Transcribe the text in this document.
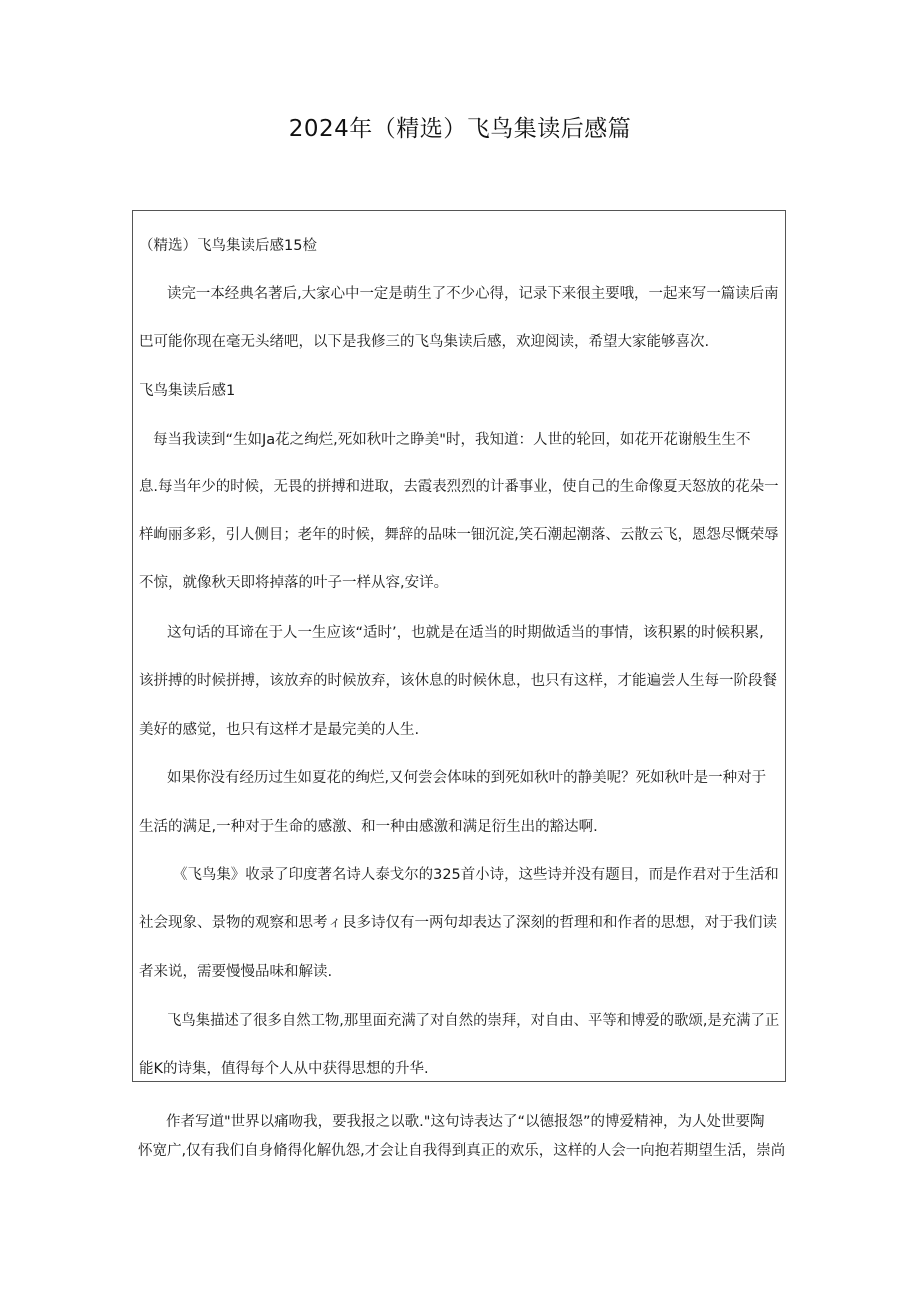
2024年（精选）飞鸟集读后感篇
（精选）飞鸟集读后感15检
读完一本经典名著后,大家心中一定是萌生了不少心得，记录下来很主要哦，一起来写一篇读后南
巴可能你现在毫无头绪吧，以下是我修三的飞鸟集读后感，欢迎阅读，希望大家能够喜次.
飞鸟集读后感1
每当我读到“生如Ja花之绚烂,死如秋叶之睁美"时，我知道：人世的轮回，如花开花谢般生生不
息.每当年少的时候，无畏的拼搏和进取，去霞表烈烈的计番事业，使自己的生命像夏天怒放的花朵一
样峋丽多彩，引人侧目；老年的时候，舞辞的品味一钿沉淀,笑石潮起潮落、云散云飞，恩怨尽慨荣辱
不惊，就像秋天即将掉落的叶子一样从容,安详。
这句话的耳谛在于人一生应该“适时’，也就是在适当的时期做适当的事情，该积累的时候积累,
该拼搏的时候拼搏，该放弃的时候放弃，该休息的时候休息，也只有这样，才能遍尝人生每一阶段餐
美好的感觉，也只有这样才是最完美的人生.
如果你没有经历过生如夏花的绚烂,又何尝会体味的到死如秋叶的静美呢？死如秋叶是一种对于
生活的满足,一种对于生命的感激、和一种由感激和满足衍生出的豁达啊.
《飞鸟集》收录了印度著名诗人泰戈尔的325首小诗，这些诗并没有题目，而是作君对于生活和
社会现象、景物的观察和思考ィ艮多诗仅有一两句却表达了深刻的哲理和和作者的思想，对于我们读
者来说，需要慢慢品味和解读.
飞鸟集描述了很多自然工物,那里面充满了对自然的崇拜，对自由、平等和博爱的歌颂,是充满了正
能K的诗集，值得每个人从中获得思想的升华.
作者写道"世界以痛吻我，要我报之以歌."这句诗表达了“以德报怨”的博爱精神，为人处世要陶
怀宽广,仅有我们自身脩得化解仇怨,才会让自我得到真正的欢乐，这样的人会一向抱若期望生活，崇尚
